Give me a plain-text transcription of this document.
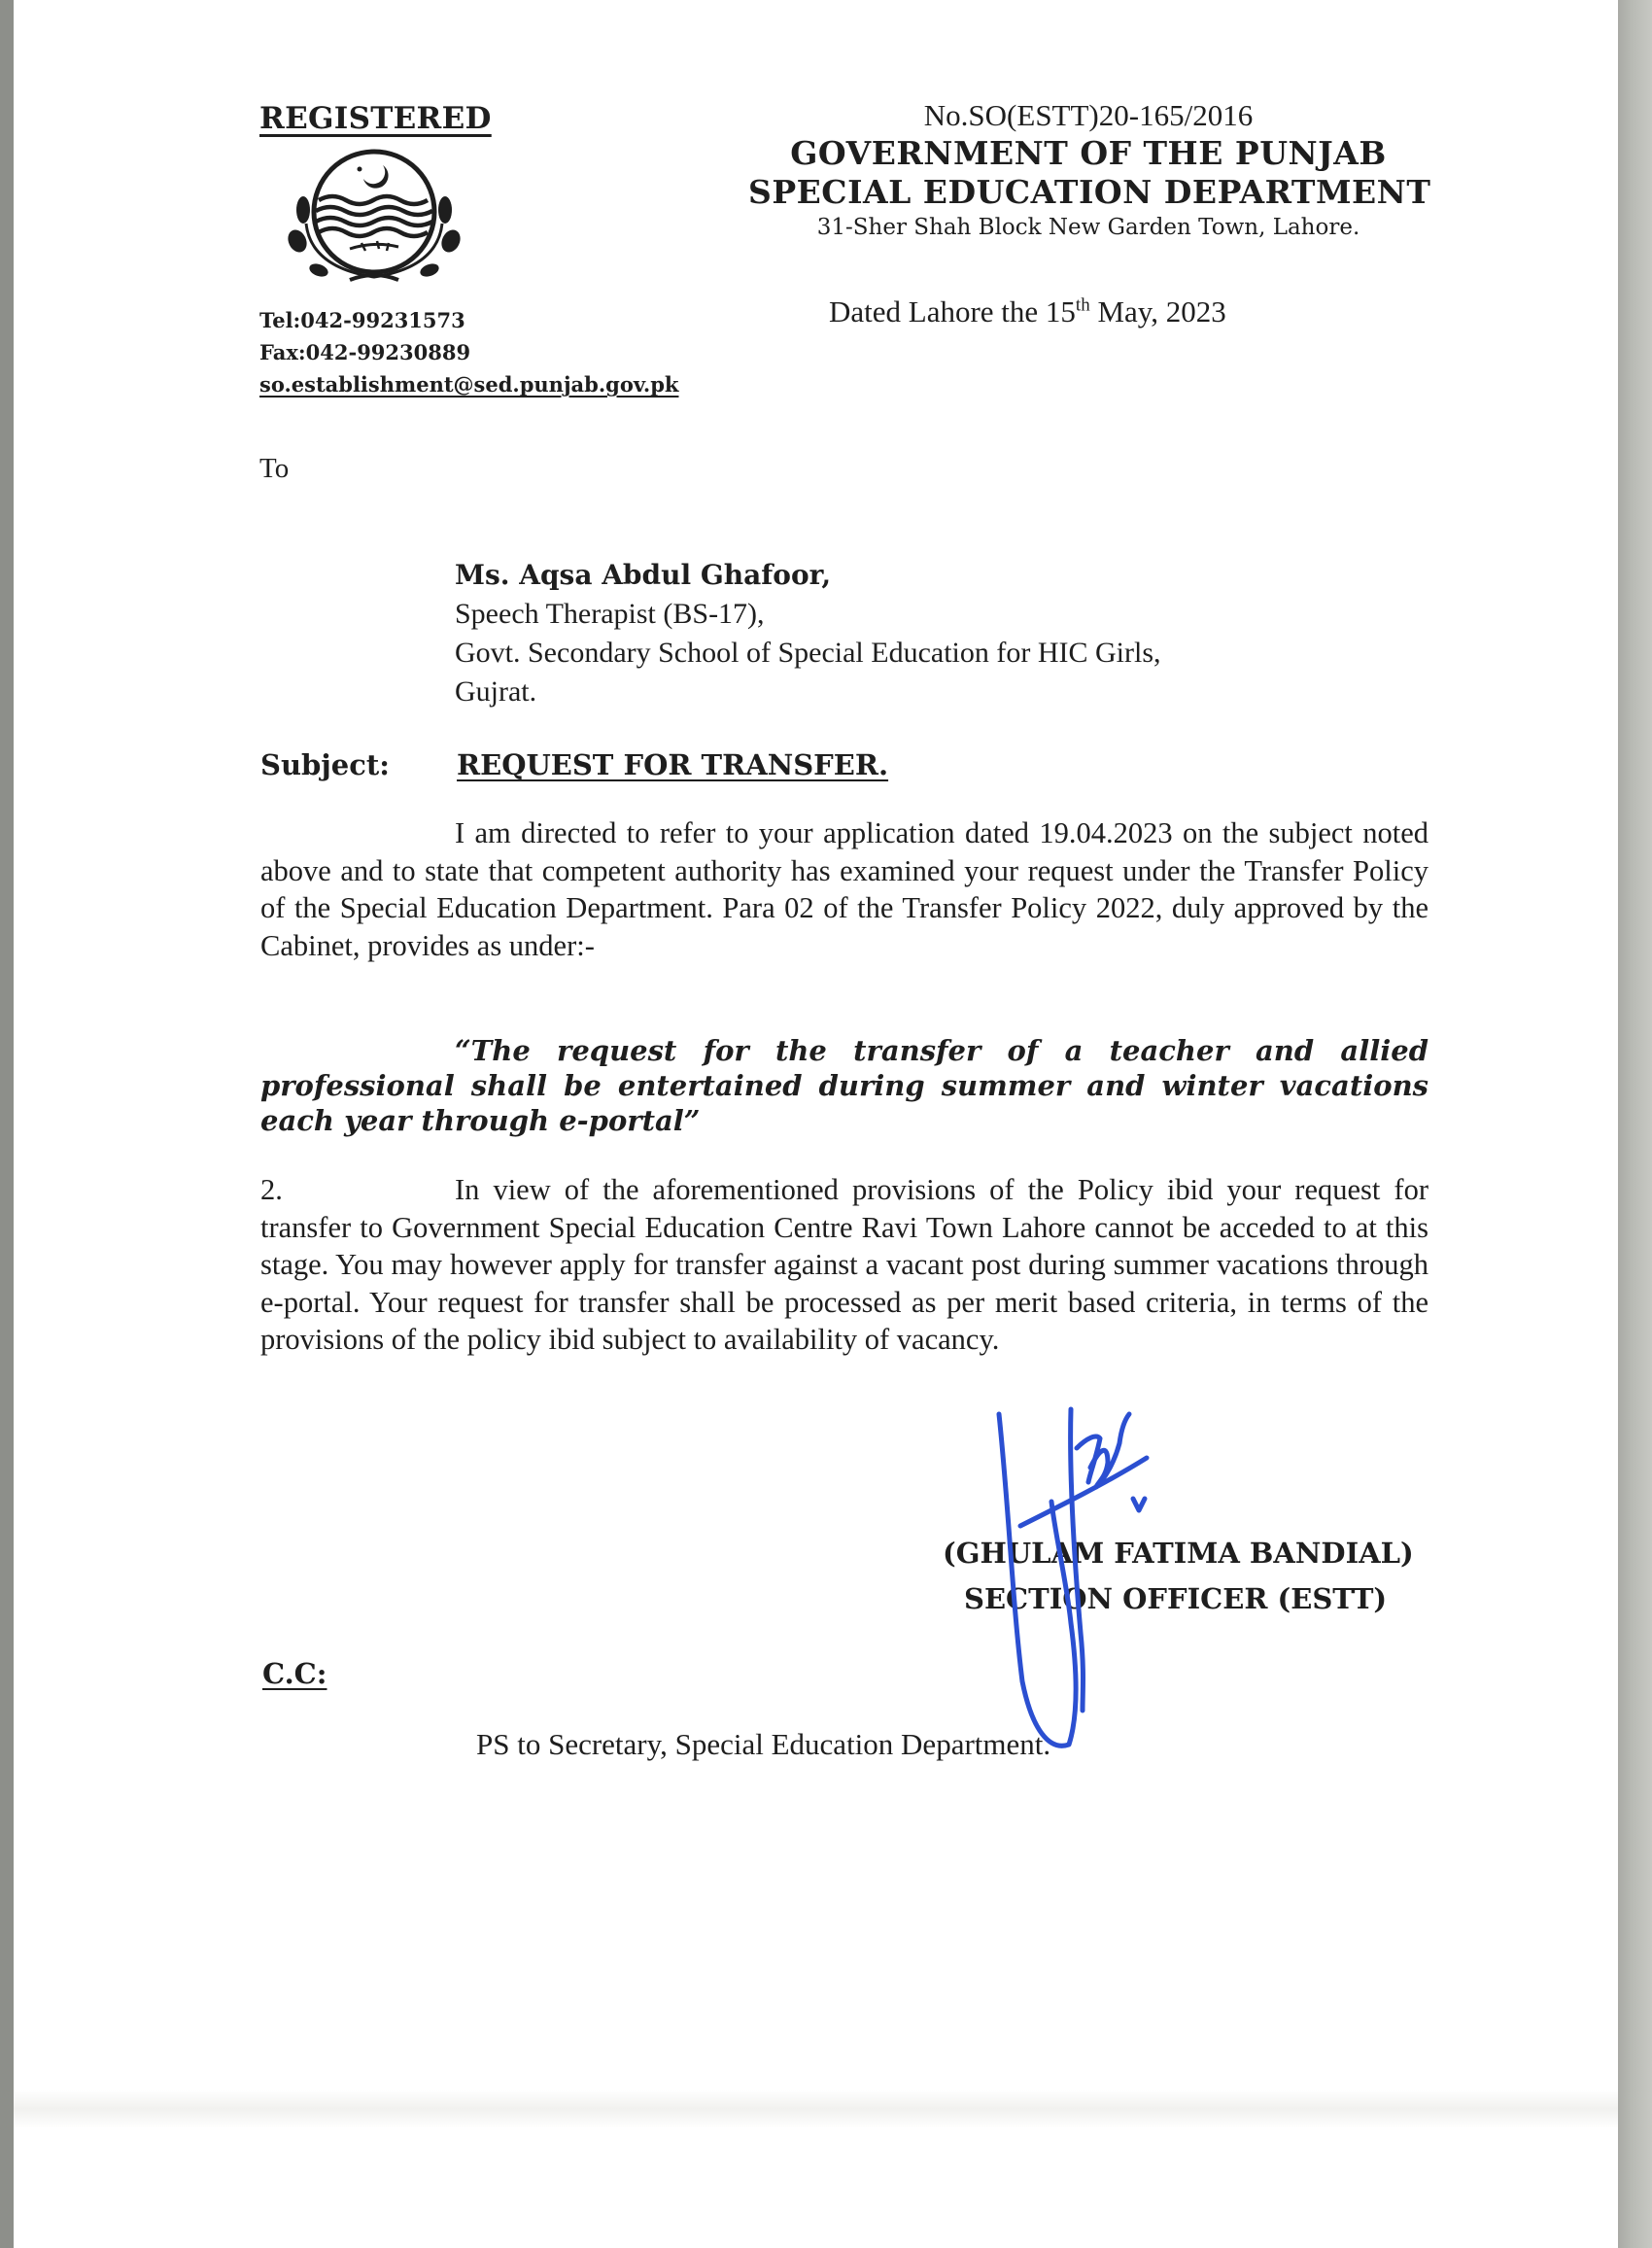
REGISTERED
Tel:042-99231573
Fax:042-99230889
so.establishment@sed.punjab.gov.pk
No.SO(ESTT)20-165/2016
GOVERNMENT OF THE PUNJAB
SPECIAL EDUCATION DEPARTMENT
31-Sher Shah Block New Garden Town, Lahore.
Dated Lahore the 15th May, 2023
To
Ms. Aqsa Abdul Ghafoor,
Speech Therapist (BS-17),
Govt. Secondary School of Special Education for HIC Girls,
Gujrat.
Subject: REQUEST FOR TRANSFER.
I am directed to refer to your application dated 19.04.2023 on the subject noted above and to state that competent authority has examined your request under the Transfer Policy of the Special Education Department. Para 02 of the Transfer Policy 2022, duly approved by the Cabinet, provides as under:-
“The request for the transfer of a teacher and allied professional shall be entertained during summer and winter vacations each year through e-portal”
2.	In view of the aforementioned provisions of the Policy ibid your request for transfer to Government Special Education Centre Ravi Town Lahore cannot be acceded to at this stage. You may however apply for transfer against a vacant post during summer vacations through e-portal. Your request for transfer shall be processed as per merit based criteria, in terms of the provisions of the policy ibid subject to availability of vacancy.
(GHULAM FATIMA BANDIAL)
SECTION OFFICER (ESTT)
C.C:
PS to Secretary, Special Education Department.
